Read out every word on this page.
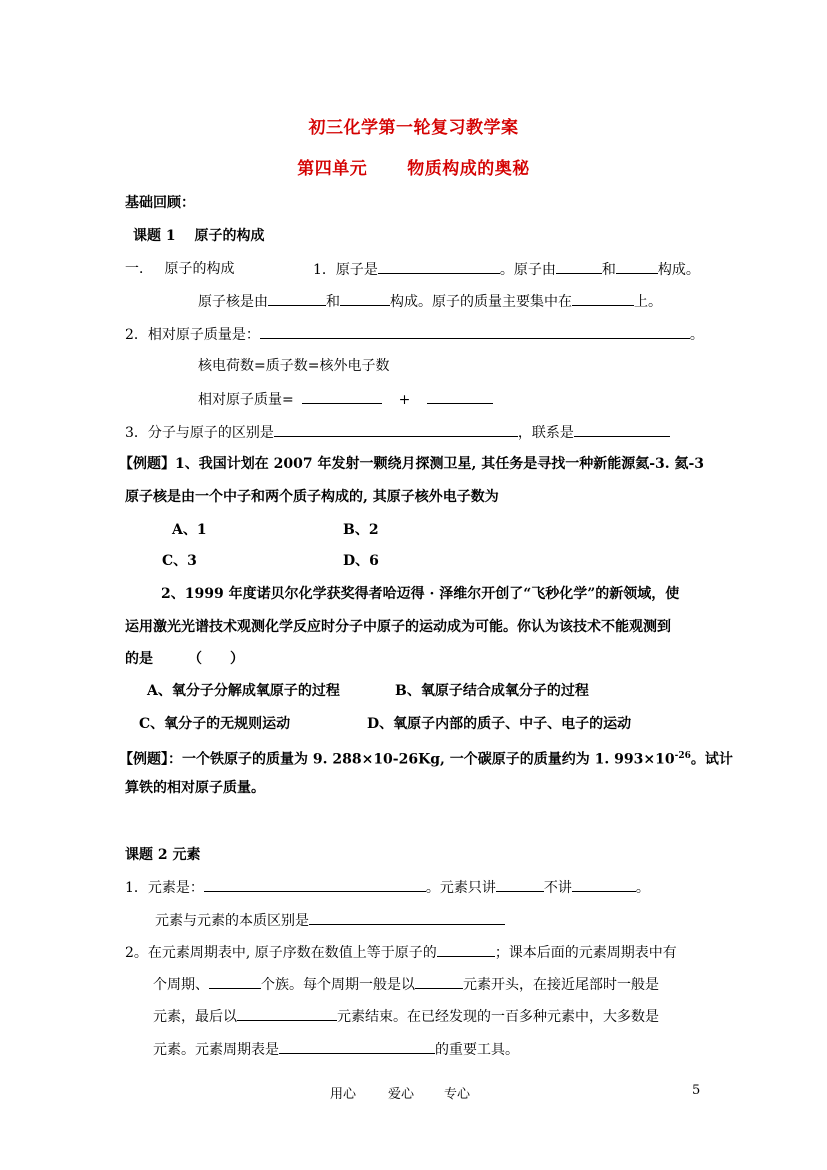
初三化学第一轮复习教学案
第四单元 物质构成的奥秘
基础回顾：
课题 1　 原子的构成
一．　 原子的构成	1．原子是	。原子由	和	构成。
原子核是由	和	构成。原子的质量主要集中在	上。
2．相对原子质量是：	。
核电荷数=质子数=核外电子数
相对原子质量=	+
3．分子与原子的区别是	，联系是
【例题】1、我国计划在 2007 年发射一颗绕月探测卫星, 其任务是寻找一种新能源氦-3. 氦-3
原子核是由一个中子和两个质子构成的, 其原子核外电子数为
A、1	B、2
C、3	D、6
2、1999 年度诺贝尔化学获奖得者哈迈得 · 泽维尔开创了“飞秒化学”的新领域，使
运用激光光谱技术观测化学反应时分子中原子的运动成为可能。你认为该技术不能观测到
的是　　　（　　）
A、氧分子分解成氧原子的过程	B、氧原子结合成氧分子的过程
C、氧分子的无规则运动	D、氧原子内部的质子、中子、电子的运动
【例题】：一个铁原子的质量为 9. 288×10-26Kg, 一个碳原子的质量约为 1. $993\times 10^{-26}$。试计
算铁的相对原子质量。
课题 2 元素
1．元素是：	。元素只讲	不讲	。
元素与元素的本质区别是
2。在元素周期表中, 原子序数在数值上等于原子的	；课本后面的元素周期表中有
个周期、	个族。每个周期一般是以	元素开头，在接近尾部时一般是
元素，最后以	元素结束。在已经发现的一百多种元素中，大多数是
元素。元素周期表是	的重要工具。
用心 爱心 专心	5
